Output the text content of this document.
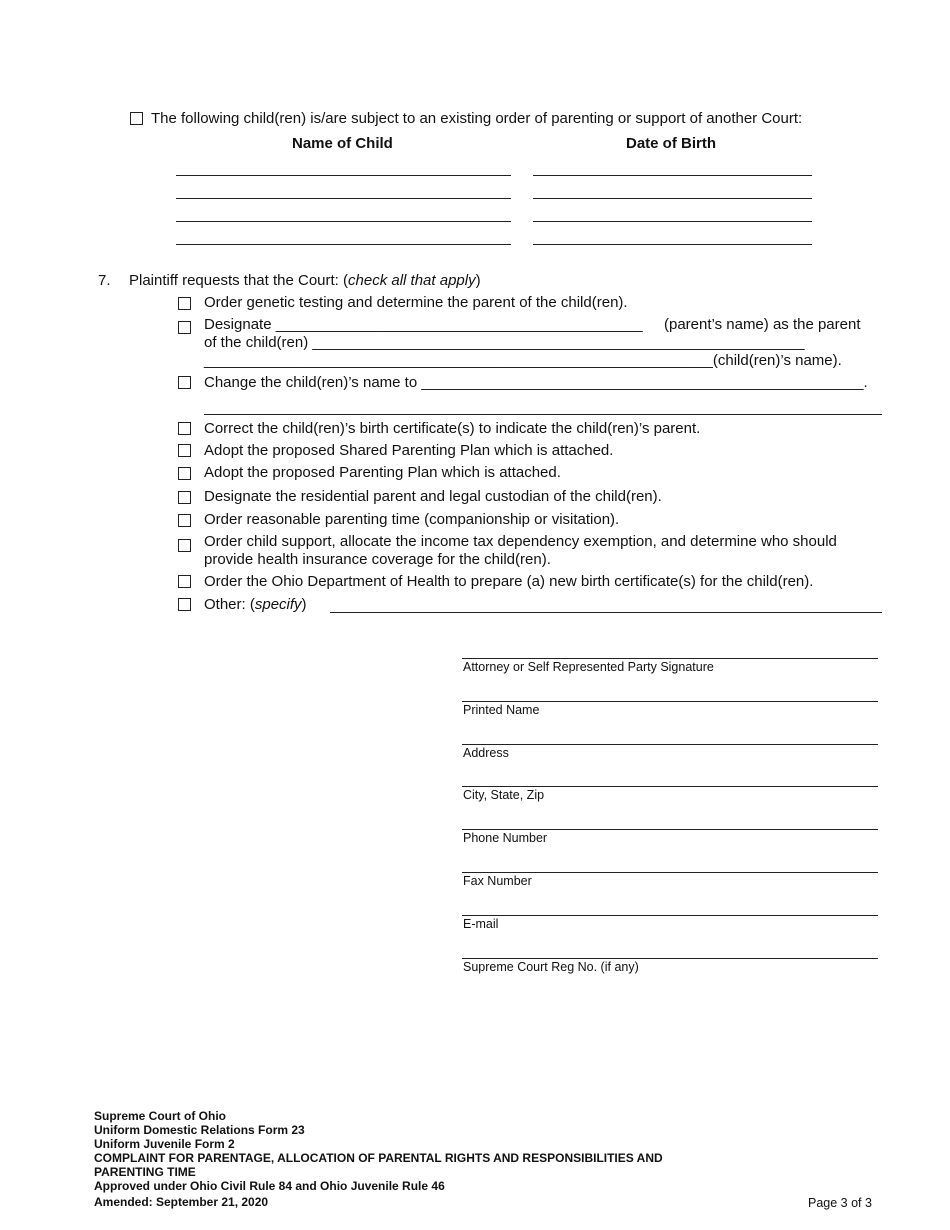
The following child(ren) is/are subject to an existing order of parenting or support of another Court:
Name of Child	Date of Birth
7. Plaintiff requests that the Court: (check all that apply)
Order genetic testing and determine the parent of the child(ren).
Designate ____________________________________________ (parent’s name) as the parent
of the child(ren) ___________________________________________________________
_____________________________________________________________(child(ren)’s name).
Change the child(ren)’s name to _____________________________________________________.
Correct the child(ren)’s birth certificate(s) to indicate the child(ren)’s parent.
Adopt the proposed Shared Parenting Plan which is attached.
Adopt the proposed Parenting Plan which is attached.
Designate the residential parent and legal custodian of the child(ren).
Order reasonable parenting time (companionship or visitation).
Order child support, allocate the income tax dependency exemption, and determine who should
provide health insurance coverage for the child(ren).
Order the Ohio Department of Health to prepare (a) new birth certificate(s) for the child(ren).
Other: (specify)
Attorney or Self Represented Party Signature
Printed Name
Address
City, State, Zip
Phone Number
Fax Number
E-mail
Supreme Court Reg No. (if any)
Supreme Court of Ohio
Uniform Domestic Relations Form 23
Uniform Juvenile Form 2
COMPLAINT FOR PARENTAGE, ALLOCATION OF PARENTAL RIGHTS AND RESPONSIBILITIES AND
PARENTING TIME
Approved under Ohio Civil Rule 84 and Ohio Juvenile Rule 46
Amended: September 21, 2020	Page 3 of 3
